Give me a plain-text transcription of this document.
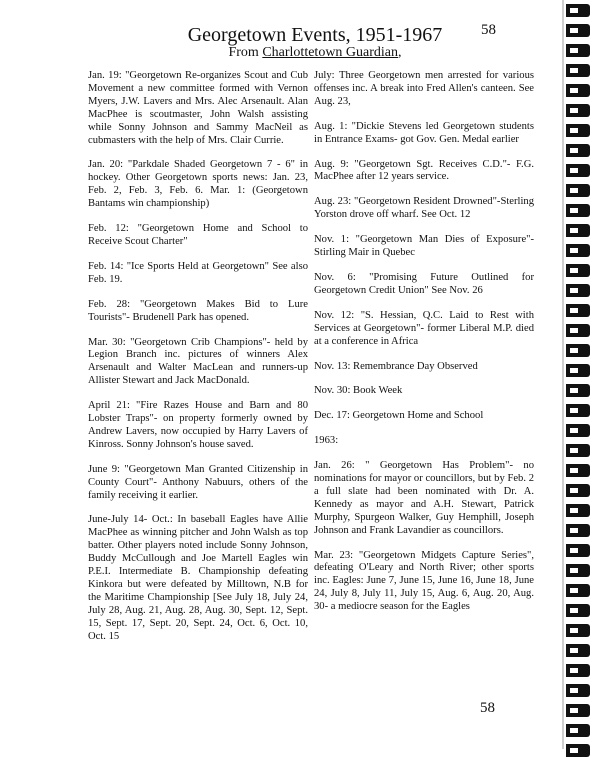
Georgetown Events, 1951-1967
From Charlottetown Guardian,
58

Jan. 19: "Georgetown Re-organizes Scout and Cub Movement a new committee formed with Vernon Myers, J.W. Lavers and Mrs. Alec Arsenault. Alan MacPhee is scoutmaster, John Walsh assisting while Sonny Johnson and Sammy MacNeil as cubmasters with the help of Mrs. Clair Currie.

Jan. 20: "Parkdale Shaded Georgetown 7 - 6" in hockey. Other Georgetown sports news: Jan. 23, Feb. 2, Feb. 3, Feb. 6. Mar. 1: (Georgetown Bantams win championship)

Feb. 12: "Georgetown Home and School to Receive Scout Charter"

Feb. 14: "Ice Sports Held at Georgetown" See also Feb. 19.

Feb. 28: "Georgetown Makes Bid to Lure Tourists"- Brudenell Park has opened.

Mar. 30: "Georgetown Crib Champions"- held by Legion Branch inc. pictures of winners Alex Arsenault and Walter MacLean and runners-up Allister Stewart and Jack MacDonald.

April 21: "Fire Razes House and Barn and 80 Lobster Traps"- on property formerly owned by Andrew Lavers, now occupied by Harry Lavers of Kinross. Sonny Johnson's house saved.

June 9: "Georgetown Man Granted Citizenship in County Court"- Anthony Nabuurs, others of the family receiving it earlier.

June-July 14- Oct.: In baseball Eagles have Allie MacPhee as winning pitcher and John Walsh as top batter. Other players noted include Sonny Johnson, Buddy McCullough and Joe Martell Eagles win P.E.I. Intermediate B. Championship defeating Kinkora but were defeated by Milltown, N.B for the Maritime Championship [See July 18, July 24, July 28, Aug. 21, Aug. 28, Aug. 30, Sept. 12, Sept. 15, Sept. 17, Sept. 20, Sept. 24, Oct. 6, Oct. 10, Oct. 15

July: Three Georgetown men arrested for various offenses inc. A break into Fred Allen's canteen. See Aug. 23,

Aug. 1: "Dickie Stevens led Georgetown students in Entrance Exams- got Gov. Gen. Medal earlier

Aug. 9: "Georgetown Sgt. Receives C.D."- F.G. MacPhee after 12 years service.

Aug. 23: "Georgetown Resident Drowned"-Sterling Yorston drove off wharf. See Oct. 12

Nov. 1: "Georgetown Man Dies of Exposure"- Stirling Mair in Quebec

Nov. 6: "Promising Future Outlined for Georgetown Credit Union" See Nov. 26

Nov. 12: "S. Hessian, Q.C. Laid to Rest with Services at Georgetown"- former Liberal M.P. died at a conference in Africa

Nov. 13: Remembrance Day Observed

Nov. 30: Book Week

Dec. 17: Georgetown Home and School

1963:

Jan. 26: " Georgetown Has Problem"- no nominations for mayor or councillors, but by Feb. 2 a full slate had been nominated with Dr. A. Kennedy as mayor and A.H. Stewart, Patrick Murphy, Spurgeon Walker, Guy Hemphill, Joseph Johnson and Frank Lavandier as councillors.

Mar. 23: "Georgetown Midgets Capture Series", defeating O'Leary and North River; other sports inc. Eagles: June 7, June 15, June 16, June 18, June 24, July 8, July 11, July 15, Aug. 6, Aug. 20, Aug. 30- a mediocre season for the Eagles

58
